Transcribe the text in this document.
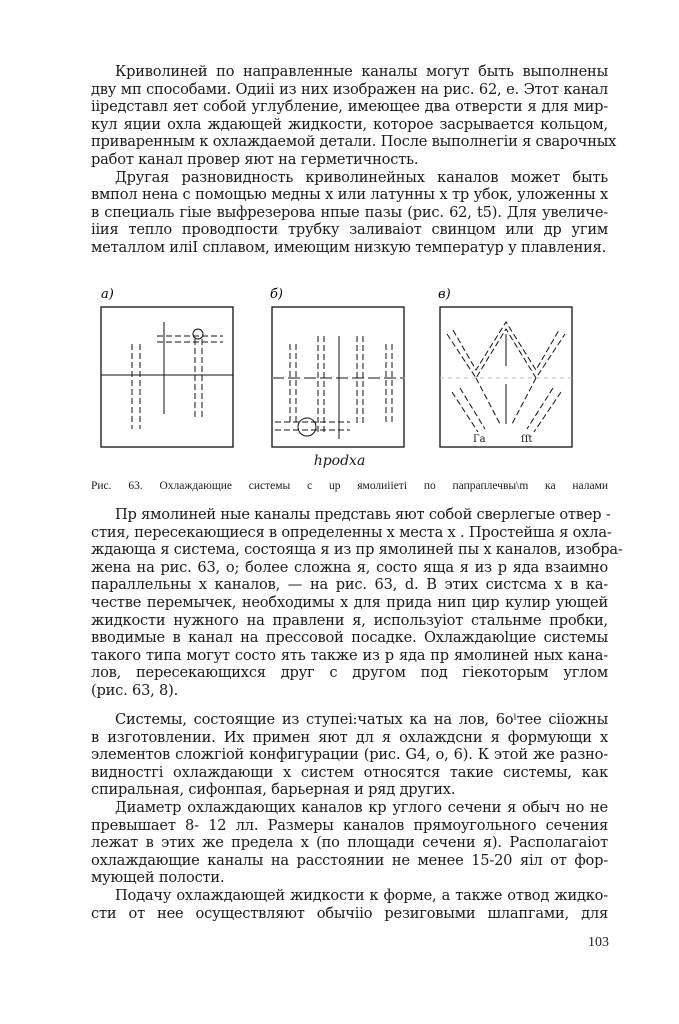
Криволиней по направленные каналы могут быть выполнены
дву мп способами. Одиіі из них изображен на рис. 62, е. Этот канал
іiредставл яет собой углубление, имеющее два отверсти я для мир-
кул яции охла ждающей жидкости, которое засрывается кольцом,
приваренным к охлаждаемой детали. После выполнегіи я сварочных
работ канал провер яют на герметичность.
Другая разновидность криволинейных каналов может быть
вмпол нена с помощью медны х или латунны х тр убок, уложенны х
в специаль гіые выфрезерова нпые пазы (рис. 62, t5). Для увеличе-
ііия тепло проводпости трубку заливаіот свинцом или др угим
металлом иліI сплавом, имеющим низкую температур у плавления.
а)	б)	в)
Га	ſſt
hpodxa
Рис. 63. Охлаждающие системы с uр ямолиііеті по папраплечвы\m ка налами
Пр ямолиней ные каналы представь яют собой сверлегые отвер -
стия, пересекающиеся в определенны х места х . Простейша я охла-
ждающа я система, состояща я из пр ямолиней пы х каналов, изобра-
жена на рис. 63, о; более сложна я, состо яща я из р яда взаимно
параллельны х каналов, — на рис. 63, d. В этих систсма х в ка-
честве перемычек, необходимы х для прида нип цир кулир ующей
жидкости нужного на правлени я, используіот стальнме пробки,
вводимые в канал на прессовой посадке. Охлаждаюlцие системы
такого типа могут состо ять также из р яда пр ямолиней ных кана-
лов, пересекающихся друг с другом под гіекоторым углом
(рис. 63, 8).
Системы, состоящие из ступеі:чатых ка на лов, 6оˡтее сііожны
в изготовлении. Их примен яют дл я охлаждсни я формующи х
элементов сложгіой конфигурации (рис. G4, о, 6). К этой же разно-
видностгі охлаждающи х систем относятся такие системы, как
спиральная, сифонпая, барьерная и ряд других.
Диаметр охлаждающих каналов кр углого сечени я обыч но не
превышает 8- 12 лл. Размеры каналов прямоугольного сечения
лежат в этих же предела х (по площади сечени я). Располагаіот
охлаждающие каналы на расстоянии не менее 15-20 яіл от фор-
мующей полости.
Подачу охлаждающей жидкости к форме, а также отвод жидко-
сти от нее осуществляют обычііо резиговыми шлапгами, для
103
